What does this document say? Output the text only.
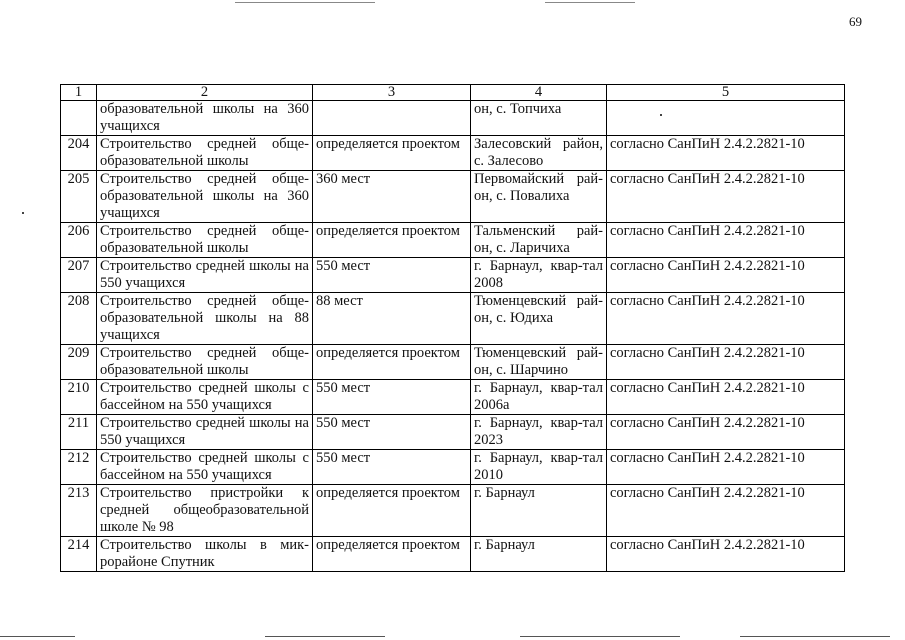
69
1	2	3	4	5
	образовательной школы на 360 учащихся		он, с. Топчиха	
204	Строительство средней обще-образовательной школы	определяется проектом	Залесовский район, с. Залесово	согласно СанПиН 2.4.2.2821-10
205	Строительство средней обще-образовательной школы на 360 учащихся	360 мест	Первомайский рай-он, с. Повалиха	согласно СанПиН 2.4.2.2821-10
206	Строительство средней обще-образовательной школы	определяется проектом	Тальменский рай-он, с. Ларичиха	согласно СанПиН 2.4.2.2821-10
207	Строительство средней школы на 550 учащихся	550 мест	г. Барнаул, квар-тал 2008	согласно СанПиН 2.4.2.2821-10
208	Строительство средней обще-образовательной школы на 88 учащихся	88 мест	Тюменцевский рай-он, с. Юдиха	согласно СанПиН 2.4.2.2821-10
209	Строительство средней обще-образовательной школы	определяется проектом	Тюменцевский рай-он, с. Шарчино	согласно СанПиН 2.4.2.2821-10
210	Строительство средней школы с бассейном на 550 учащихся	550 мест	г. Барнаул, квар-тал 2006а	согласно СанПиН 2.4.2.2821-10
211	Строительство средней школы на 550 учащихся	550 мест	г. Барнаул, квар-тал 2023	согласно СанПиН 2.4.2.2821-10
212	Строительство средней школы с бассейном на 550 учащихся	550 мест	г. Барнаул, квар-тал 2010	согласно СанПиН 2.4.2.2821-10
213	Строительство пристройки к средней общеобразовательной школе № 98	определяется проектом	г. Барнаул	согласно СанПиН 2.4.2.2821-10
214	Строительство школы в мик-рорайоне Спутник	определяется проектом	г. Барнаул	согласно СанПиН 2.4.2.2821-10
